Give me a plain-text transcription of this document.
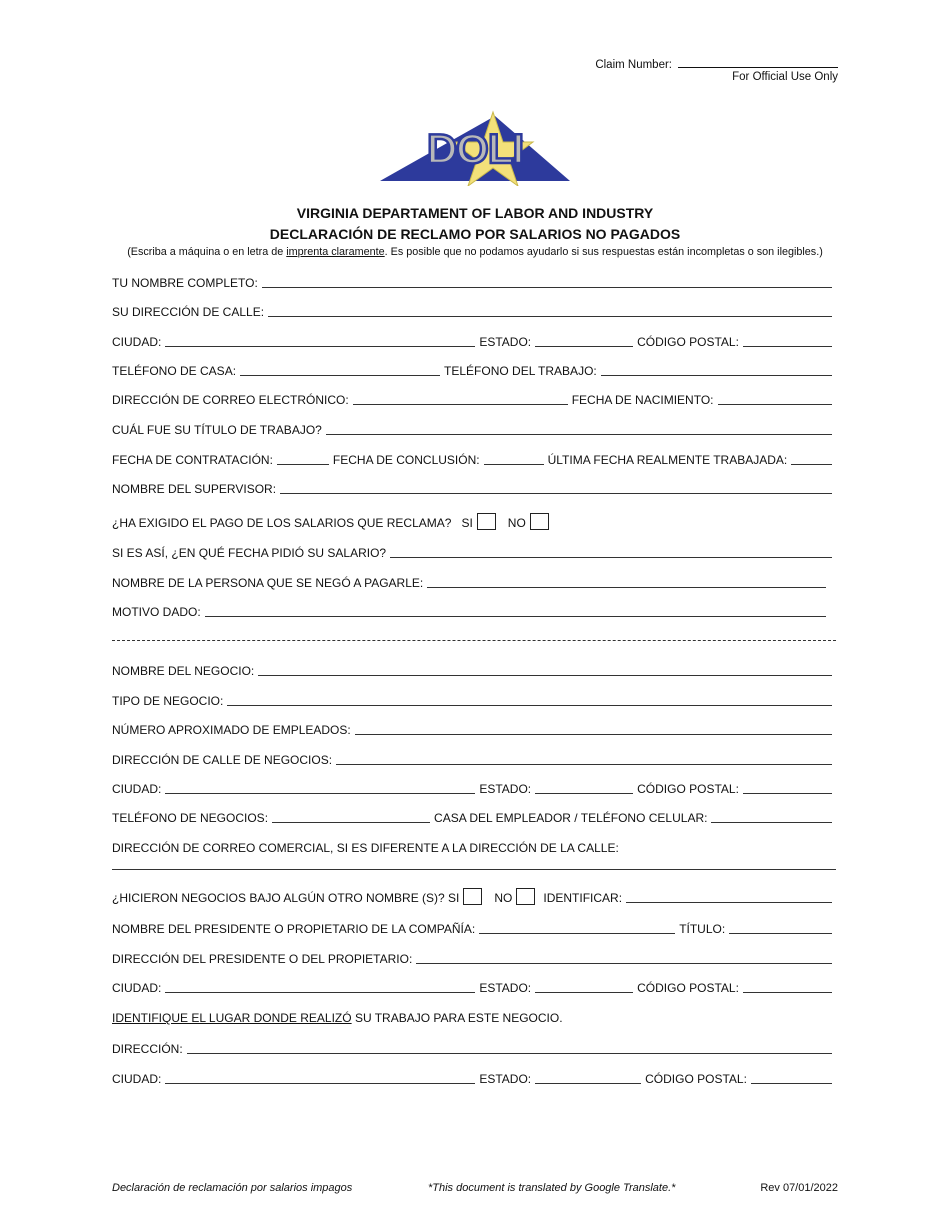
Claim Number:
For Official Use Only
DOLI
VIRGINIA DEPARTAMENT OF LABOR AND INDUSTRY
DECLARACIÓN DE RECLAMO POR SALARIOS NO PAGADOS
(Escriba a máquina o en letra de imprenta claramente. Es posible que no podamos ayudarlo si sus respuestas están incompletas o son ilegibles.)
TU NOMBRE COMPLETO:
SU DIRECCIÓN DE CALLE:
CIUDAD:	ESTADO:	CÓDIGO POSTAL:
TELÉFONO DE CASA:	TELÉFONO DEL TRABAJO:
DIRECCIÓN DE CORREO ELECTRÓNICO:	FECHA DE NACIMIENTO:
CUÁL FUE SU TÍTULO DE TRABAJO?
FECHA DE CONTRATACIÓN:	FECHA DE CONCLUSIÓN:	ÚLTIMA FECHA REALMENTE TRABAJADA:
NOMBRE DEL SUPERVISOR:
¿HA EXIGIDO EL PAGO DE LOS SALARIOS QUE RECLAMA? SI	NO
SI ES ASÍ, ¿EN QUÉ FECHA PIDIÓ SU SALARIO?
NOMBRE DE LA PERSONA QUE SE NEGÓ A PAGARLE:
MOTIVO DADO:
NOMBRE DEL NEGOCIO:
TIPO DE NEGOCIO:
NÚMERO APROXIMADO DE EMPLEADOS:
DIRECCIÓN DE CALLE DE NEGOCIOS:
CIUDAD:	ESTADO:	CÓDIGO POSTAL:
TELÉFONO DE NEGOCIOS:	CASA DEL EMPLEADOR / TELÉFONO CELULAR:
DIRECCIÓN DE CORREO COMERCIAL, SI ES DIFERENTE A LA DIRECCIÓN DE LA CALLE:
¿HICIERON NEGOCIOS BAJO ALGÚN OTRO NOMBRE (S)? SI	NO	IDENTIFICAR:
NOMBRE DEL PRESIDENTE O PROPIETARIO DE LA COMPAÑÍA:	TÍTULO:
DIRECCIÓN DEL PRESIDENTE O DEL PROPIETARIO:
CIUDAD:	ESTADO:	CÓDIGO POSTAL:
IDENTIFIQUE EL LUGAR DONDE REALIZÓ SU TRABAJO PARA ESTE NEGOCIO.
DIRECCIÓN:
CIUDAD:	ESTADO:	CÓDIGO POSTAL:
Declaración de reclamación por salarios impagos	*This document is translated by Google Translate.*	Rev 07/01/2022
